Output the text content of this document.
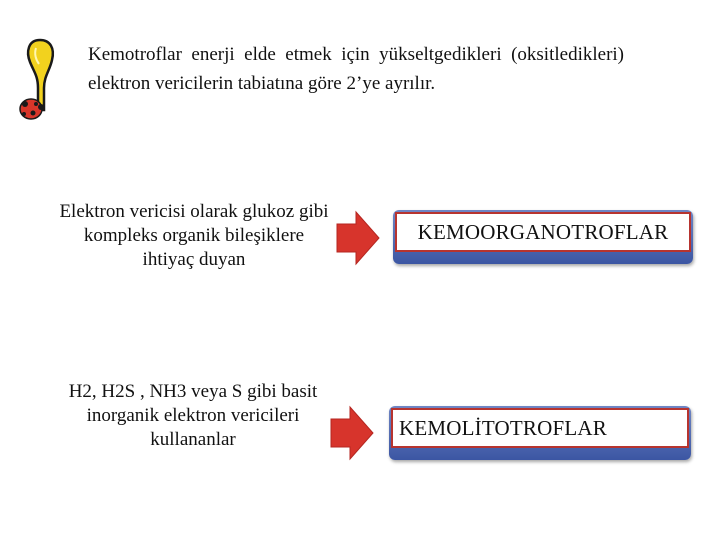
Kemotroflar enerji elde etmek için yükseltgedikleri (oksitledikleri) elektron vericilerin tabiatına göre 2’ye ayrılır.
Elektron vericisi olarak glukoz gibi kompleks organik bileşiklere ihtiyaç duyan
KEMOORGANOTROFLAR
H2, H2S , NH3 veya S gibi basit inorganik elektron vericileri kullananlar	KEMOLİTOTROFLAR
